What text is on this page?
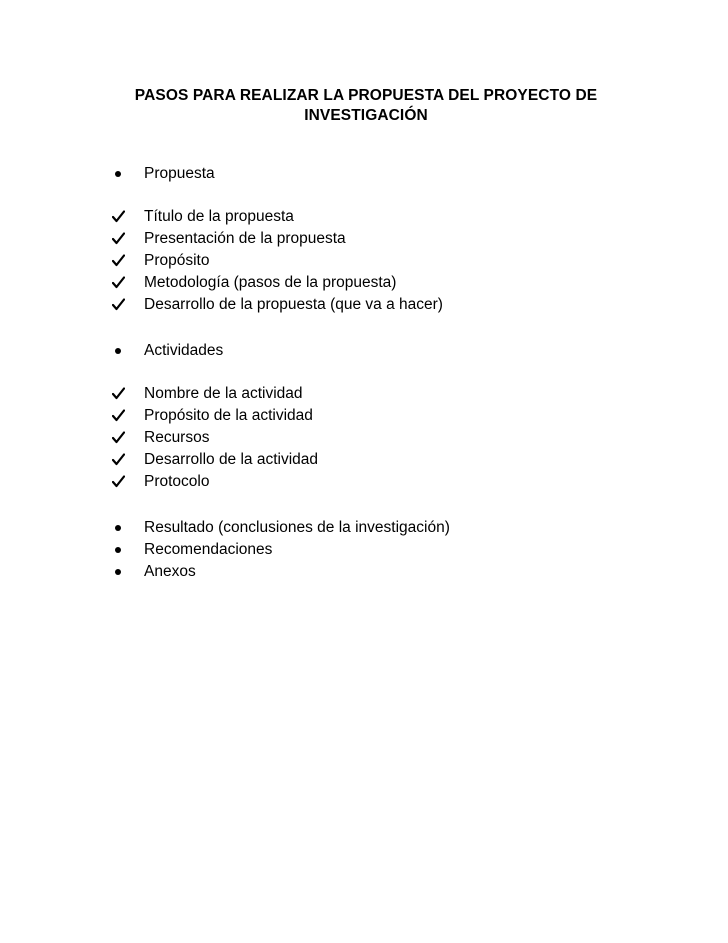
PASOS PARA REALIZAR LA PROPUESTA DEL PROYECTO DE
INVESTIGACIÓN
Propuesta
Título de la propuesta
Presentación de la propuesta
Propósito
Metodología (pasos de la propuesta)
Desarrollo de la propuesta (que va a hacer)
Actividades
Nombre de la actividad
Propósito de la actividad
Recursos
Desarrollo de la actividad
Protocolo
Resultado (conclusiones de la investigación)
Recomendaciones
Anexos
